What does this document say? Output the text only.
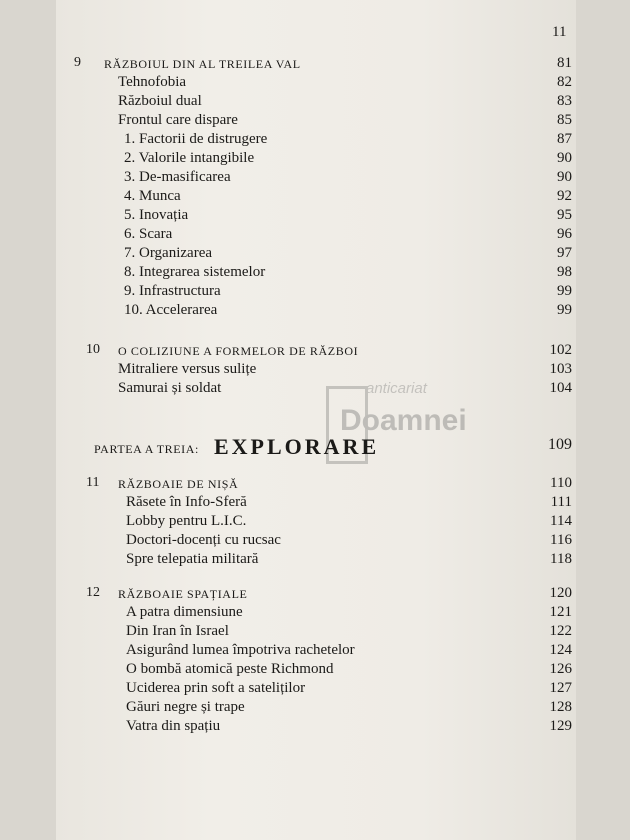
11
9 RĂZBOIUL DIN AL TREILEA VAL	81
Tehnofobia	82
Războiul dual	83
Frontul care dispare	85
1. Factorii de distrugere	87
2. Valorile intangibile	90
3. De-masificarea	90
4. Munca	92
5. Inovația	95
6. Scara	96
7. Organizarea	97
8. Integrarea sistemelor	98
9. Infrastructura	99
10. Accelerarea	99
10 O COLIZIUNE A FORMELOR DE RĂZBOI	102
Mitraliere versus sulițe	103
Samurai și soldat	104
anticariat
Doamnei
PARTEA A TREIA: EXPLORARE	109
11 RĂZBOAIE DE NIȘĂ	110
Răsete în Info-Sferă	111
Lobby pentru L.I.C.	114
Doctori-docenți cu rucsac	116
Spre telepatia militară	118
12 RĂZBOAIE SPAȚIALE	120
A patra dimensiune	121
Din Iran în Israel	122
Asigurând lumea împotriva rachetelor	124
O bombă atomică peste Richmond	126
Uciderea prin soft a sateliților	127
Găuri negre și trape	128
Vatra din spațiu	129
